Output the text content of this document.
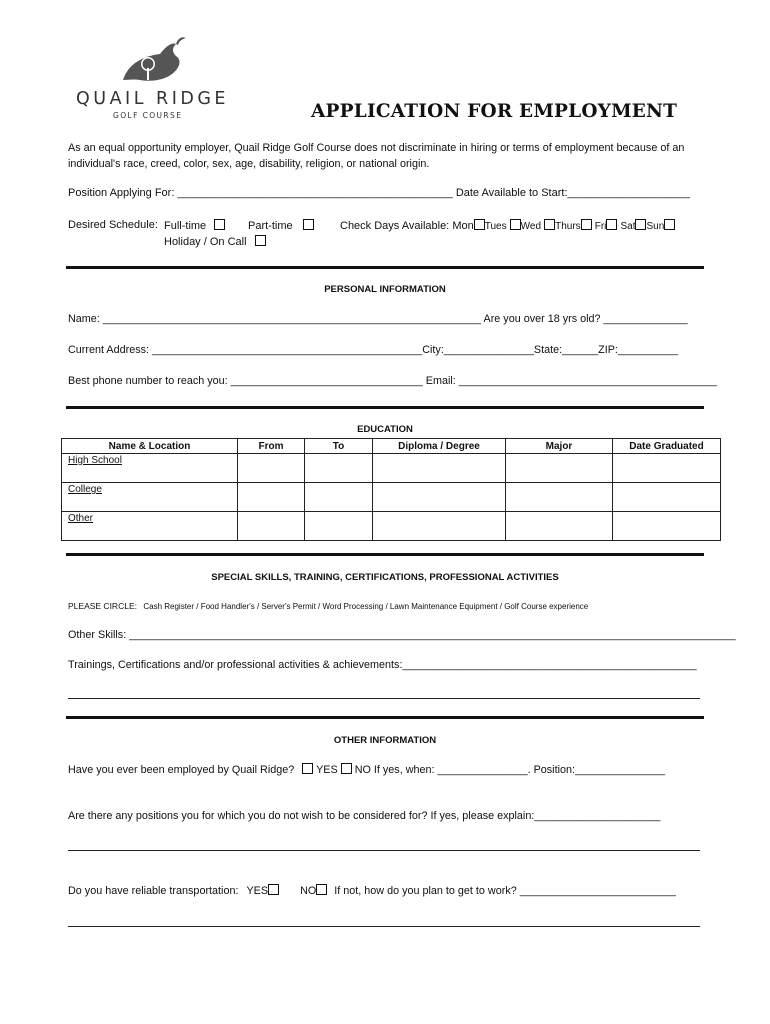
QUAIL RIDGE
GOLF COURSE	APPLICATION FOR EMPLOYMENT
As an equal opportunity employer, Quail Ridge Golf Course does not discriminate in hiring or terms of employment because of an individual's race, creed, color, sex, age, disability, religion, or national origin.
Position Applying For: _____________________________________________ Date Available to Start:____________________
Desired Schedule: Full-time	Part-time
Holiday / On Call
Check Days Available: Mon Tues Wed Thurs Fri Sat Sun
PERSONAL INFORMATION
Name: _______________________________________________________________ Are you over 18 yrs old? ______________
Current Address: _____________________________________________City:_______________State:______ZIP:__________
Best phone number to reach you: ________________________________ Email: ___________________________________________
EDUCATION
Name & Location	From	To	Diploma / Degree	Major	Date Graduated
High School					
College					
Other					
SPECIAL SKILLS, TRAINING, CERTIFICATIONS, PROFESSIONAL ACTIVITIES
PLEASE CIRCLE: Cash Register / Food Handler's / Server's Permit / Word Processing / Lawn Maintenance Equipment / Golf Course experience
Other Skills: _____________________________________________________________________________________________________
Trainings, Certifications and/or professional activities & achievements:_________________________________________________
OTHER INFORMATION
Have you ever been employed by Quail Ridge? YES NO If yes, when: _______________. Position:_______________
Are there any positions you for which you do not wish to be considered for? If yes, please explain:_____________________
Do you have reliable transportation: YES	NO If not, how do you plan to get to work? __________________________
